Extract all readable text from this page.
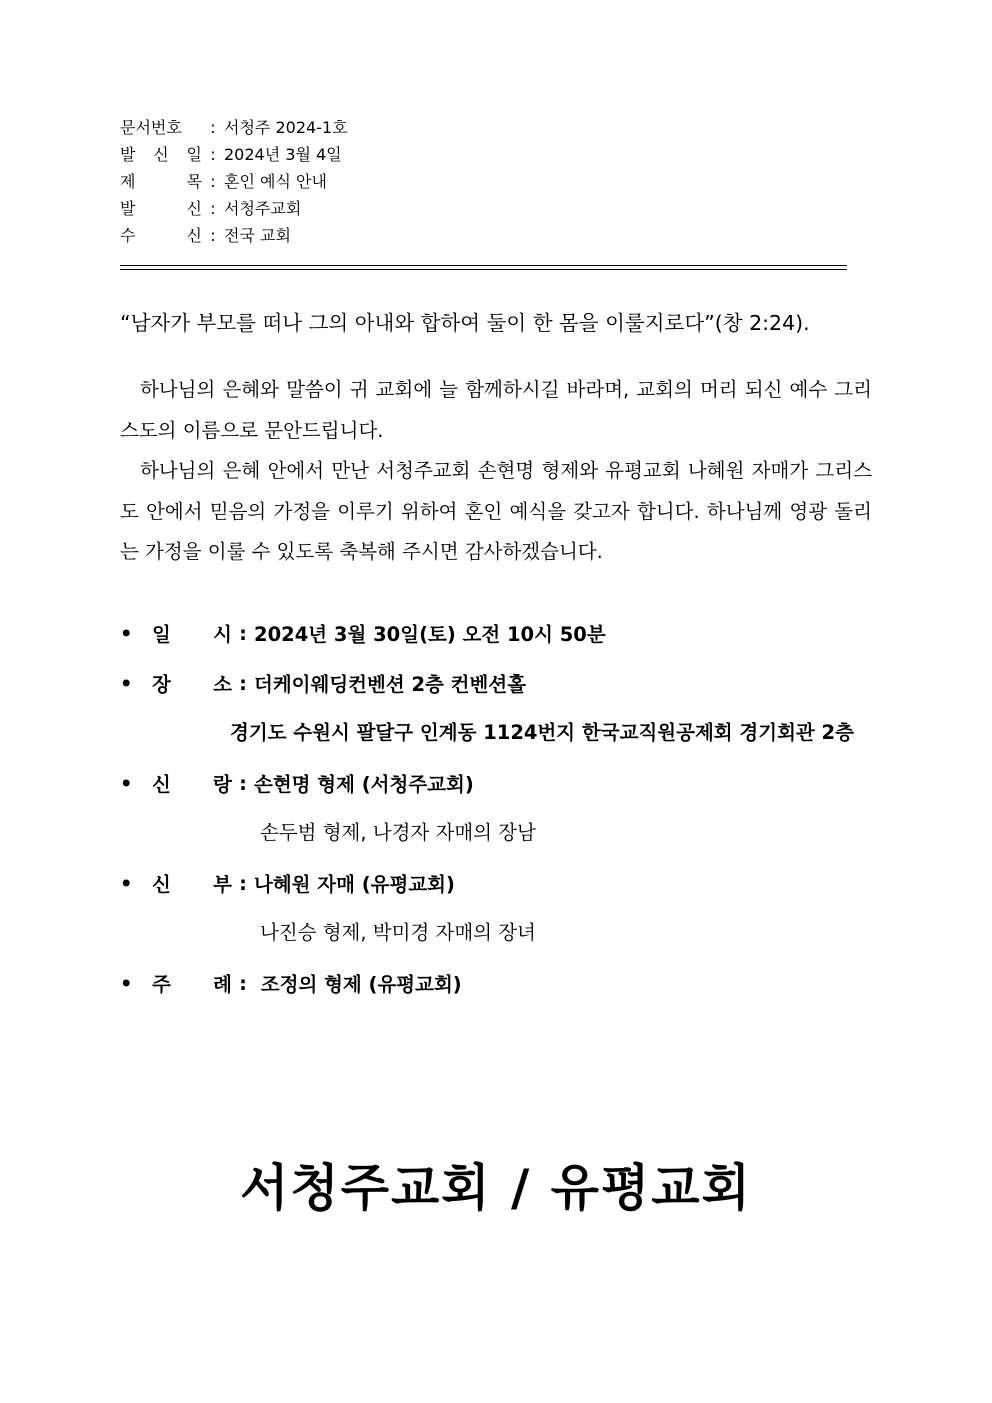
문서번호	: 서청주 2024-1호
발 신 일 : 2024년 3월 4일
제	목 : 혼인 예식 안내
발	신 : 서청주교회
수	신 : 전국 교회
“남자가 부모를 떠나 그의 아내와 합하여 둘이 한 몸을 이룰지로다”(창 2:24).

하나님의 은혜와 말씀이 귀 교회에 늘 함께하시길 바라며, 교회의 머리 되신 예수 그리스도의 이름으로 문안드립니다.

하나님의 은혜 안에서 만난 서청주교회 손현명 형제와 유평교회 나혜원 자매가 그리스도 안에서 믿음의 가정을 이루기 위하여 혼인 예식을 갖고자 합니다. 하나님께 영광 돌리는 가정을 이룰 수 있도록 축복해 주시면 감사하겠습니다.

•	일 시 : 2024년 3월 30일(토) 오전 10시 50분
•	장 소 : 더케이웨딩컨벤션 2층 컨벤션홀
경기도 수원시 팔달구 인계동 1124번지 한국교직원공제회 경기회관 2층
•	신 랑 : 손현명 형제 (서청주교회)
손두범 형제, 나경자 자매의 장남
•	신 부 : 나혜원 자매 (유평교회)
나진승 형제, 박미경 자매의 장녀
•	주 례 : 조정의 형제 (유평교회)
서청주교회 / 유평교회
